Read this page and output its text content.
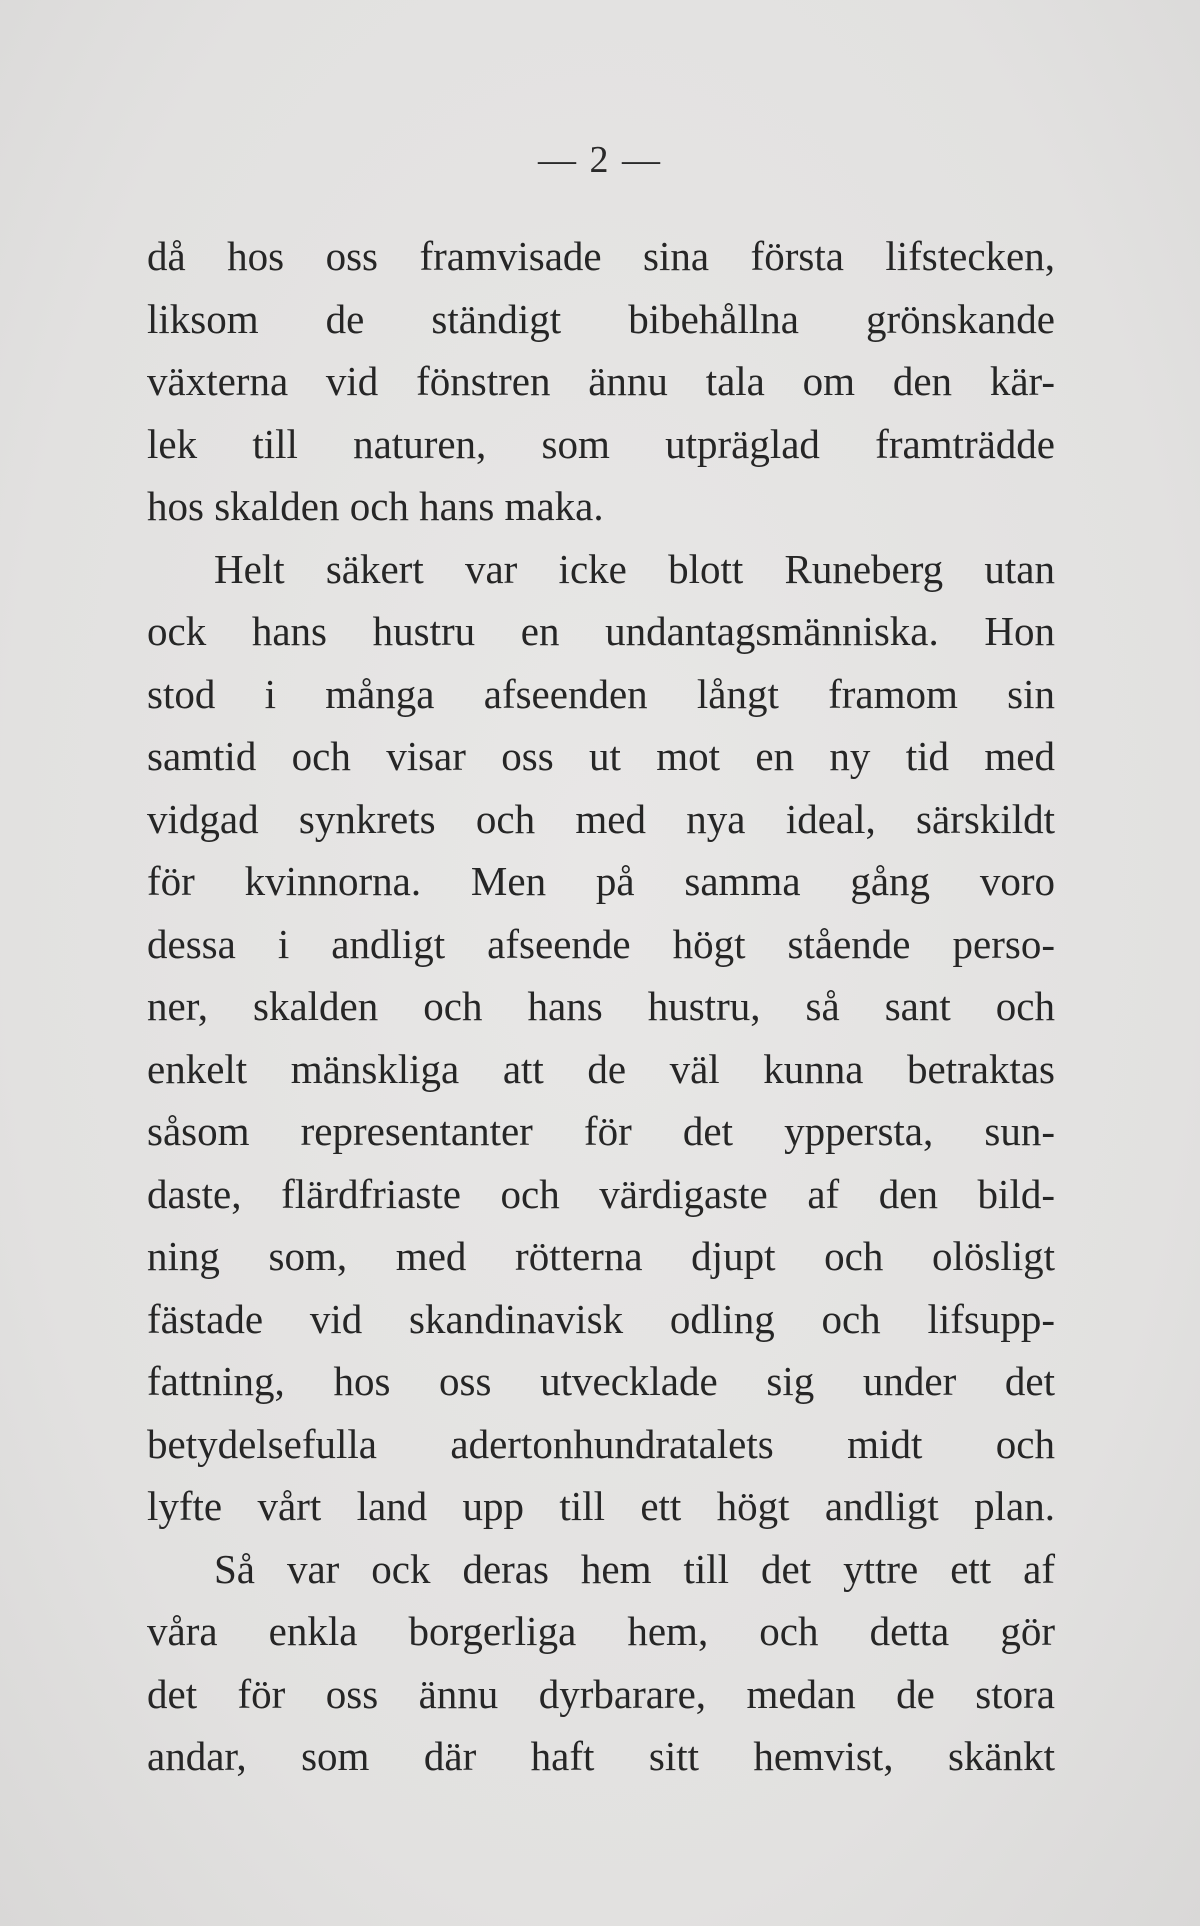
— 2 —
då hos oss framvisade sina första lifstecken,
liksom de ständigt bibehållna grönskande
växterna vid fönstren ännu tala om den kär-
lek till naturen, som utpräglad framträdde
hos skalden och hans maka.
Helt säkert var icke blott Runeberg utan
ock hans hustru en undantagsmänniska. Hon
stod i många afseenden långt framom sin
samtid och visar oss ut mot en ny tid med
vidgad synkrets och med nya ideal, särskildt
för kvinnorna. Men på samma gång voro
dessa i andligt afseende högt stående perso-
ner, skalden och hans hustru, så sant och
enkelt mänskliga att de väl kunna betraktas
såsom representanter för det yppersta, sun-
daste, flärdfriaste och värdigaste af den bild-
ning som, med rötterna djupt och olösligt
fästade vid skandinavisk odling och lifsupp-
fattning, hos oss utvecklade sig under det
betydelsefulla adertonhundratalets midt och
lyfte vårt land upp till ett högt andligt plan.
Så var ock deras hem till det yttre ett af
våra enkla borgerliga hem, och detta gör
det för oss ännu dyrbarare, medan de stora
andar, som där haft sitt hemvist, skänkt
